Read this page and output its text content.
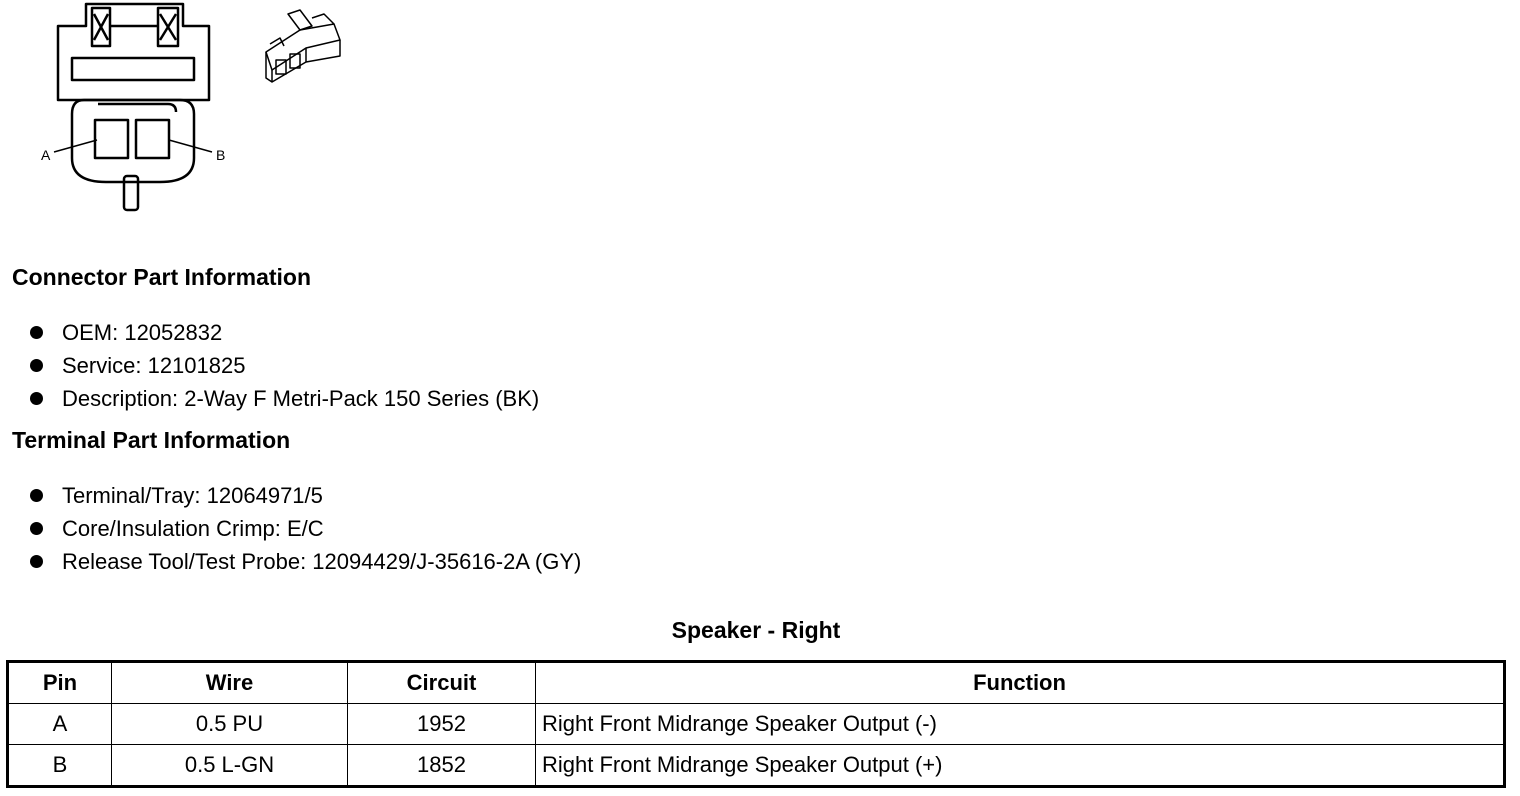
A	B
Connector Part Information
OEM: 12052832
Service: 12101825
Description: 2-Way F Metri-Pack 150 Series (BK)
Terminal Part Information
Terminal/Tray: 12064971/5
Core/Insulation Crimp: E/C
Release Tool/Test Probe: 12094429/J-35616-2A (GY)
Speaker - Right
Pin	Wire	Circuit	Function
A	0.5 PU	1952	Right Front Midrange Speaker Output (-)
B	0.5 L-GN	1852	Right Front Midrange Speaker Output (+)
